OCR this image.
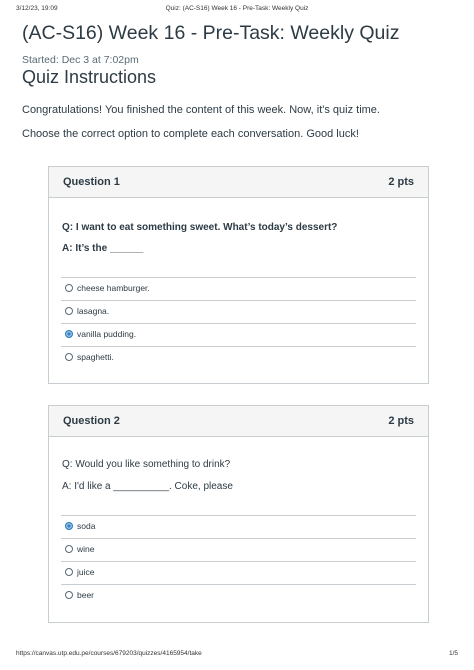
3/12/23, 19:09	Quiz: (AC-S16) Week 16 - Pre-Task: Weekly Quiz
(AC-S16) Week 16 - Pre-Task: Weekly Quiz
Started: Dec 3 at 7:02pm
Quiz Instructions
Congratulations! You finished the content of this week. Now, it's quiz time.
Choose the correct option to complete each conversation. Good luck!
Question 1	2 pts
Q: I want to eat something sweet. What’s today’s dessert?
A: It’s the ______
cheese hamburger.
lasagna.
vanilla pudding.
spaghetti.
Question 2	2 pts
Q: Would you like something to drink?
A: I'd like a __________. Coke, please
soda
wine
juice
beer
https://canvas.utp.edu.pe/courses/679203/quizzes/4165954/take	1/5
